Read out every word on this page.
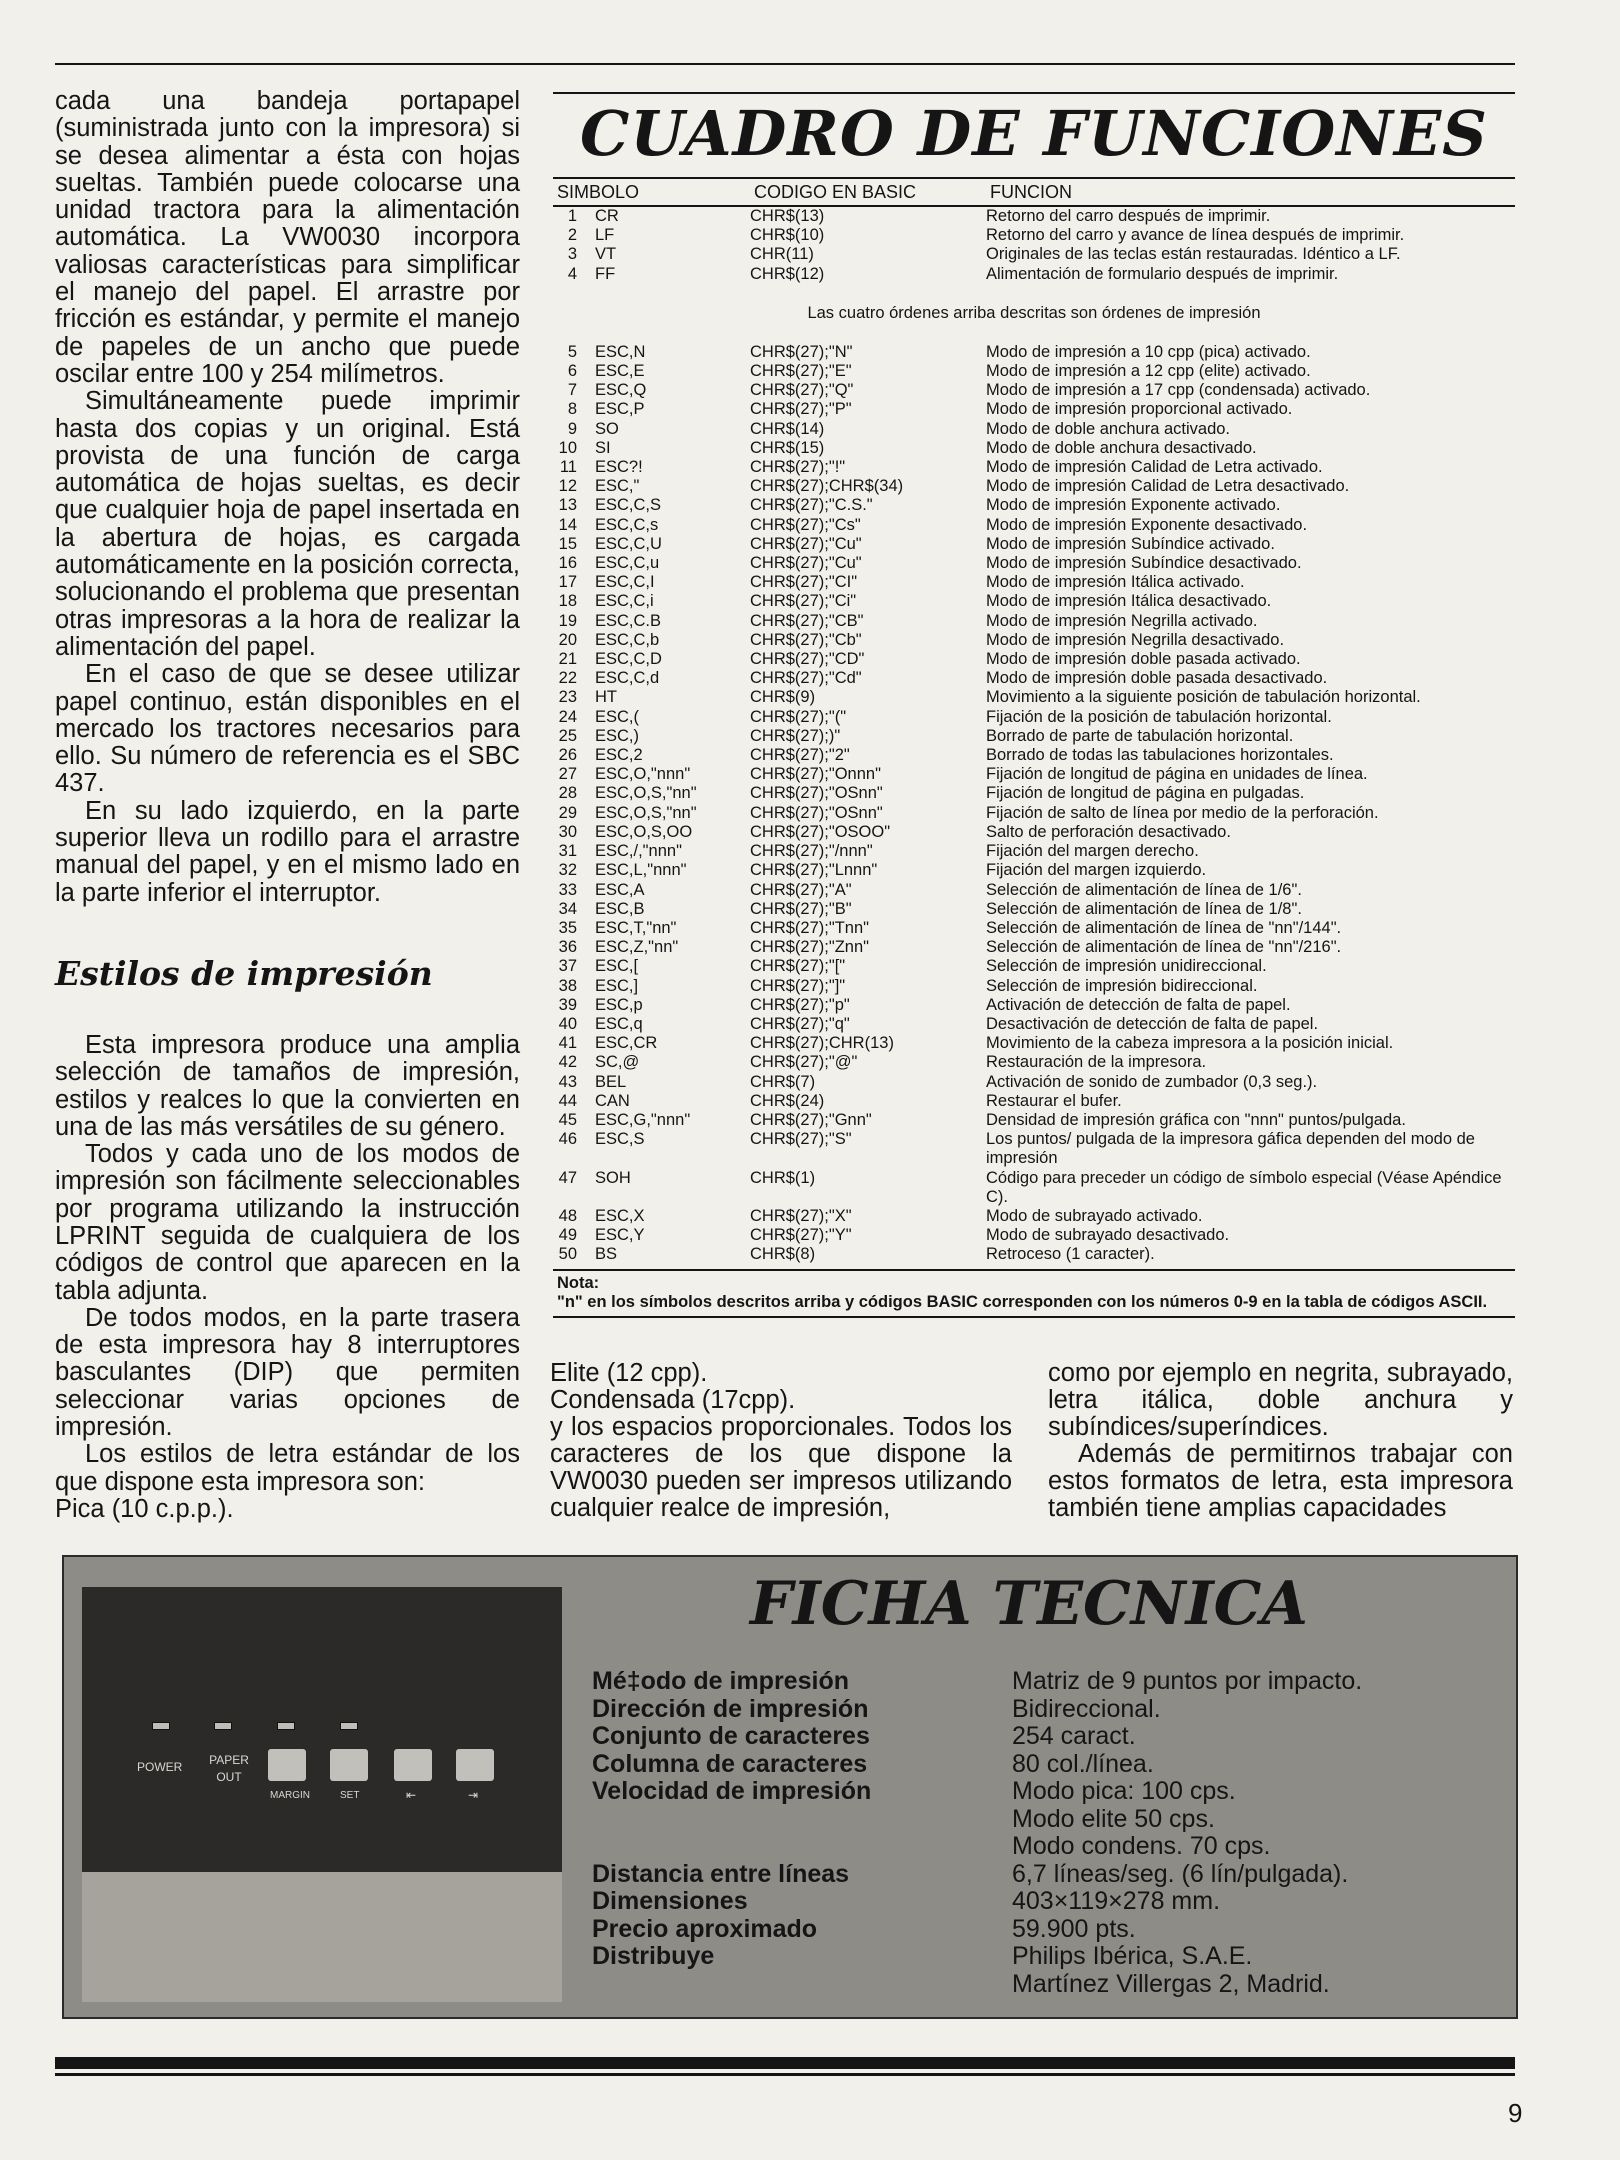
cada una bandeja portapapel (suministrada junto con la impresora) si se desea alimentar a ésta con hojas sueltas. También puede colocarse una unidad tractora para la alimentación automática. La VW0030 incorpora valiosas características para simplificar el manejo del papel. El arrastre por fricción es estándar, y permite el manejo de papeles de un ancho que puede oscilar entre 100 y 254 milímetros.

Simultáneamente puede imprimir hasta dos copias y un original. Está provista de una función de carga automática de hojas sueltas, es decir que cualquier hoja de papel insertada en la abertura de hojas, es cargada automáticamente en la posición correcta, solucionando el problema que presentan otras impresoras a la hora de realizar la alimentación del papel.

En el caso de que se desee utilizar papel continuo, están disponibles en el mercado los tractores necesarios para ello. Su número de referencia es el SBC 437.

En su lado izquierdo, en la parte superior lleva un rodillo para el arrastre manual del papel, y en el mismo lado en la parte inferior el interruptor.

Estilos de impresión

Esta impresora produce una amplia selección de tamaños de impresión, estilos y realces lo que la convierten en una de las más versátiles de su género.

Todos y cada uno de los modos de impresión son fácilmente seleccionables por programa utilizando la instrucción LPRINT seguida de cualquiera de los códigos de control que aparecen en la tabla adjunta.

De todos modos, en la parte trasera de esta impresora hay 8 interruptores basculantes (DIP) que permiten seleccionar varias opciones de impresión.

Los estilos de letra estándar de los que dispone esta impresora son:

Pica (10 c.p.p.).

CUADRO DE FUNCIONES
SIMBOLO	CODIGO EN BASIC	FUNCION
1	CR	CHR$(13)	Retorno del carro después de imprimir.
2	LF	CHR$(10)	Retorno del carro y avance de línea después de imprimir.
3	VT	CHR(11)	Originales de las teclas están restauradas. Idéntico a LF.
4	FF	CHR$(12)	Alimentación de formulario después de imprimir.
Las cuatro órdenes arriba descritas son órdenes de impresión
5	ESC,N	CHR$(27);"N"	Modo de impresión a 10 cpp (pica) activado.
6	ESC,E	CHR$(27);"E"	Modo de impresión a 12 cpp (elite) activado.
7	ESC,Q	CHR$(27);"Q"	Modo de impresión a 17 cpp (condensada) activado.
8	ESC,P	CHR$(27);"P"	Modo de impresión proporcional activado.
9	SO	CHR$(14)	Modo de doble anchura activado.
10	SI	CHR$(15)	Modo de doble anchura desactivado.
11	ESC?!	CHR$(27);"!"	Modo de impresión Calidad de Letra activado.
12	ESC,"	CHR$(27);CHR$(34)	Modo de impresión Calidad de Letra desactivado.
13	ESC,C,S	CHR$(27);"C.S."	Modo de impresión Exponente activado.
14	ESC,C,s	CHR$(27);"Cs"	Modo de impresión Exponente desactivado.
15	ESC,C,U	CHR$(27);"Cu"	Modo de impresión Subíndice activado.
16	ESC,C,u	CHR$(27);"Cu"	Modo de impresión Subíndice desactivado.
17	ESC,C,I	CHR$(27);"CI"	Modo de impresión Itálica activado.
18	ESC,C,i	CHR$(27);"Ci"	Modo de impresión Itálica desactivado.
19	ESC,C.B	CHR$(27);"CB"	Modo de impresión Negrilla activado.
20	ESC,C,b	CHR$(27);"Cb"	Modo de impresión Negrilla desactivado.
21	ESC,C,D	CHR$(27);"CD"	Modo de impresión doble pasada activado.
22	ESC,C,d	CHR$(27);"Cd"	Modo de impresión doble pasada desactivado.
23	HT	CHR$(9)	Movimiento a la siguiente posición de tabulación horizontal.
24	ESC,(	CHR$(27);"("	Fijación de la posición de tabulación horizontal.
25	ESC,)	CHR$(27);)"	Borrado de parte de tabulación horizontal.
26	ESC,2	CHR$(27);"2"	Borrado de todas las tabulaciones horizontales.
27	ESC,O,"nnn"	CHR$(27);"Onnn"	Fijación de longitud de página en unidades de línea.
28	ESC,O,S,"nn"	CHR$(27);"OSnn"	Fijación de longitud de página en pulgadas.
29	ESC,O,S,"nn"	CHR$(27);"OSnn"	Fijación de salto de línea por medio de la perforación.
30	ESC,O,S,OO	CHR$(27);"OSOO"	Salto de perforación desactivado.
31	ESC,/,"nnn"	CHR$(27);"/nnn"	Fijación del margen derecho.
32	ESC,L,"nnn"	CHR$(27);"Lnnn"	Fijación del margen izquierdo.
33	ESC,A	CHR$(27);"A"	Selección de alimentación de línea de 1/6".
34	ESC,B	CHR$(27);"B"	Selección de alimentación de línea de 1/8".
35	ESC,T,"nn"	CHR$(27);"Tnn"	Selección de alimentación de línea de "nn"/144".
36	ESC,Z,"nn"	CHR$(27);"Znn"	Selección de alimentación de línea de "nn"/216".
37	ESC,[	CHR$(27);"["	Selección de impresión unidireccional.
38	ESC,]	CHR$(27);"]"	Selección de impresión bidireccional.
39	ESC,p	CHR$(27);"p"	Activación de detección de falta de papel.
40	ESC,q	CHR$(27);"q"	Desactivación de detección de falta de papel.
41	ESC,CR	CHR$(27);CHR(13)	Movimiento de la cabeza impresora a la posición inicial.
42	SC,@	CHR$(27);"@"	Restauración de la impresora.
43	BEL	CHR$(7)	Activación de sonido de zumbador (0,3 seg.).
44	CAN	CHR$(24)	Restaurar el bufer.
45	ESC,G,"nnn"	CHR$(27);"Gnn"	Densidad de impresión gráfica con "nnn" puntos/pulgada.
46	ESC,S	CHR$(27);"S"	Los puntos/ pulgada de la impresora gáfica dependen del modo de impresión
47	SOH	CHR$(1)	Código para preceder un código de símbolo especial (Véase Apéndice C).
48	ESC,X	CHR$(27);"X"	Modo de subrayado activado.
49	ESC,Y	CHR$(27);"Y"	Modo de subrayado desactivado.
50	BS	CHR$(8)	Retroceso (1 caracter).
Nota:
"n" en los símbolos descritos arriba y códigos BASIC corresponden con los números 0-9 en la tabla de códigos ASCII.

Elite (12 cpp).

Condensada (17cpp).

y los espacios proporcionales. Todos los caracteres de los que dispone la VW0030 pueden ser impresos utilizando cualquier realce de impresión,

como por ejemplo en negrita, subrayado, letra itálica, doble anchura y subíndices/superíndices.

Además de permitirnos trabajar con estos formatos de letra, esta impresora también tiene amplias capacidades

POWER	PAPER OUT
MARGIN	SET	⇤	⇥
FICHA TECNICA
Mé‡odo de impresión	Matriz de 9 puntos por impacto.
Dirección de impresión	Bidireccional.
Conjunto de caracteres	254 caract.
Columna de caracteres	80 col./línea.
Velocidad de impresión	Modo pica: 100 cps.
Modo elite 50 cps.
Modo condens. 70 cps.
Distancia entre líneas	6,7 líneas/seg. (6 lín/pulgada).
Dimensiones	403×119×278 mm.
Precio aproximado	59.900 pts.
Distribuye	Philips Ibérica, S.A.E.
Martínez Villergas 2, Madrid.
9
